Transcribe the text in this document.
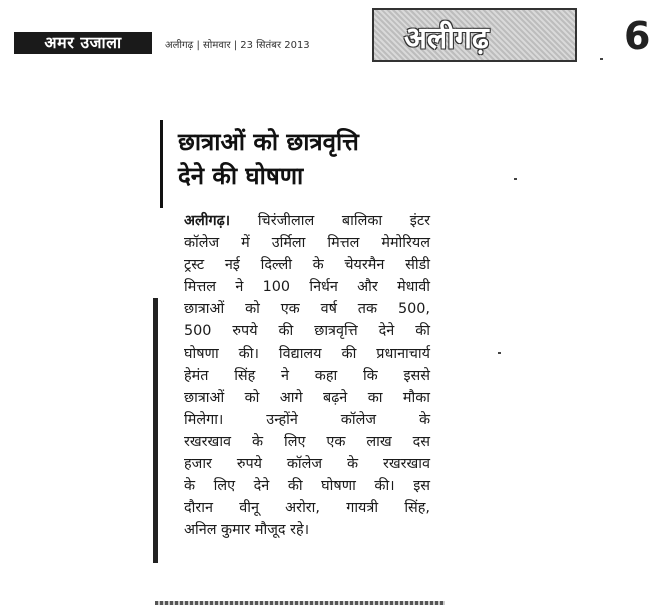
अमर उजाला	अलीगढ़ | सोमवार | 23 सितंबर 2013	अलीगढ़	6
छात्राओं को छात्रवृत्ति
देने की घोषणा
अलीगढ़। चिरंजीलाल बालिका इंटर
कॉलेज में उर्मिला मित्तल मेमोरियल
ट्रस्ट नई दिल्ली के चेयरमैन सीडी
मित्तल ने 100 निर्धन और मेधावी
छात्राओं को एक वर्ष तक 500,
500 रुपये की छात्रवृत्ति देने की
घोषणा की। विद्यालय की प्रधानाचार्य
हेमंत सिंह ने कहा कि इससे
छात्राओं को आगे बढ़ने का मौका
मिलेगा। उन्होंने कॉलेज के
रखरखाव के लिए एक लाख दस
हजार रुपये कॉलेज के रखरखाव
के लिए देने की घोषणा की। इस
दौरान वीनू अरोरा, गायत्री सिंह,
अनिल कुमार मौजूद रहे।
